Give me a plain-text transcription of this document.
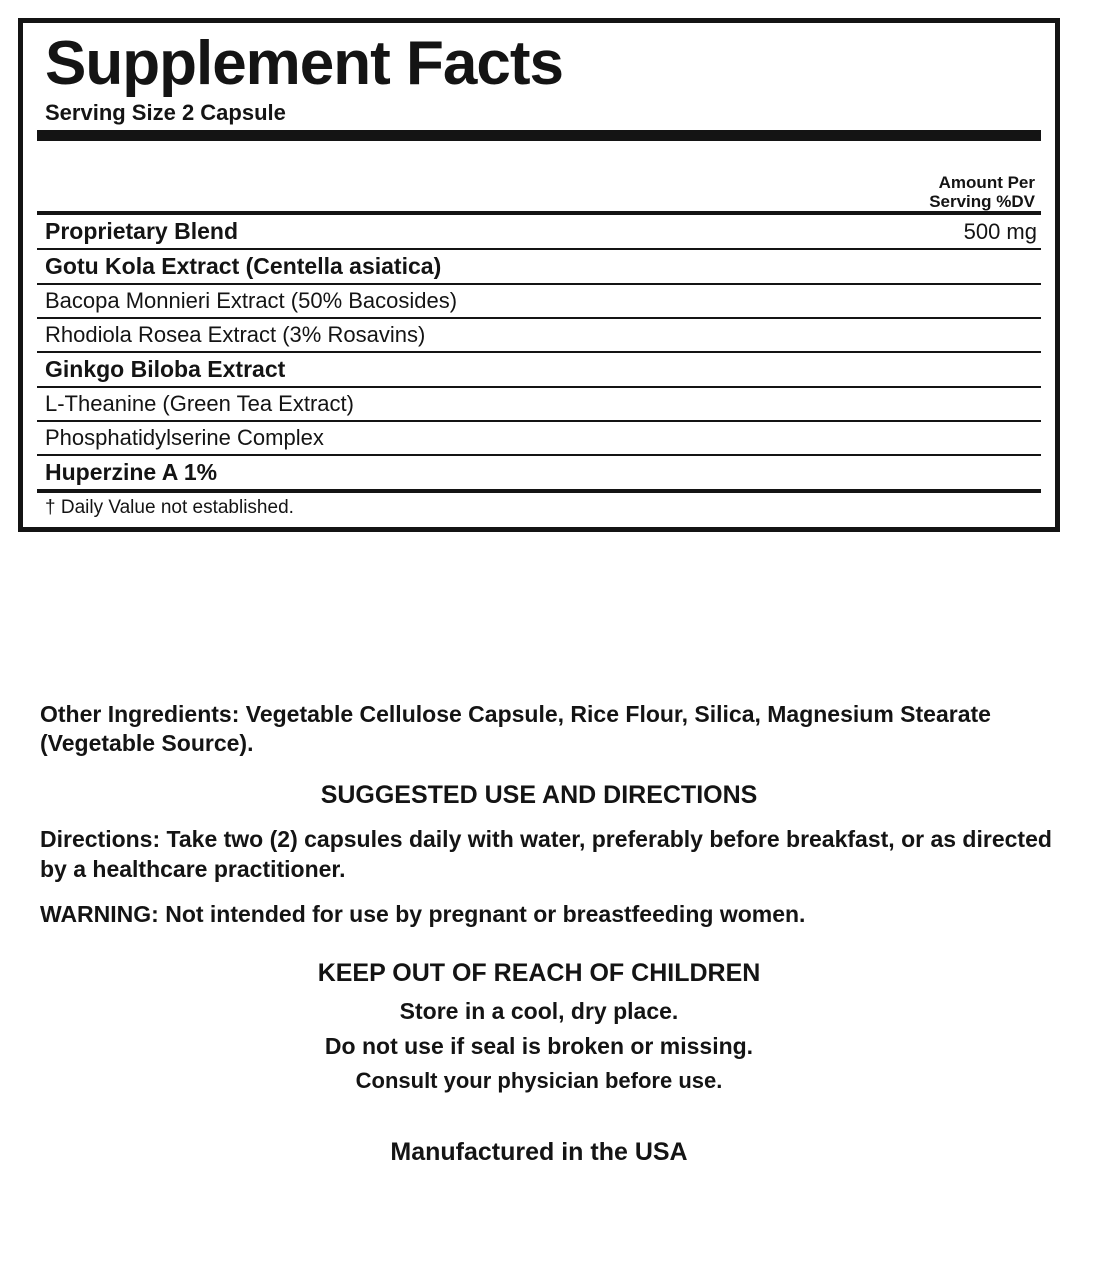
Supplement Facts
Serving Size 2 Capsule
Amount Per Serving %DV
Proprietary Blend	500 mg
Gotu Kola Extract (Centella asiatica)
Bacopa Monnieri Extract (50% Bacosides)
Rhodiola Rosea Extract (3% Rosavins)
Ginkgo Biloba Extract
L-Theanine (Green Tea Extract)
Phosphatidylserine Complex
Huperzine A 1%
† Daily Value not established.

Other Ingredients: Vegetable Cellulose Capsule, Rice Flour, Silica, Magnesium Stearate (Vegetable Source).

SUGGESTED USE AND DIRECTIONS

Directions: Take two (2) capsules daily with water, preferably before breakfast, or as directed by a healthcare practitioner.

WARNING: Not intended for use by pregnant or breastfeeding women.

KEEP OUT OF REACH OF CHILDREN
Store in a cool, dry place.
Do not use if seal is broken or missing.
Consult your physician before use.
Manufactured in the USA
